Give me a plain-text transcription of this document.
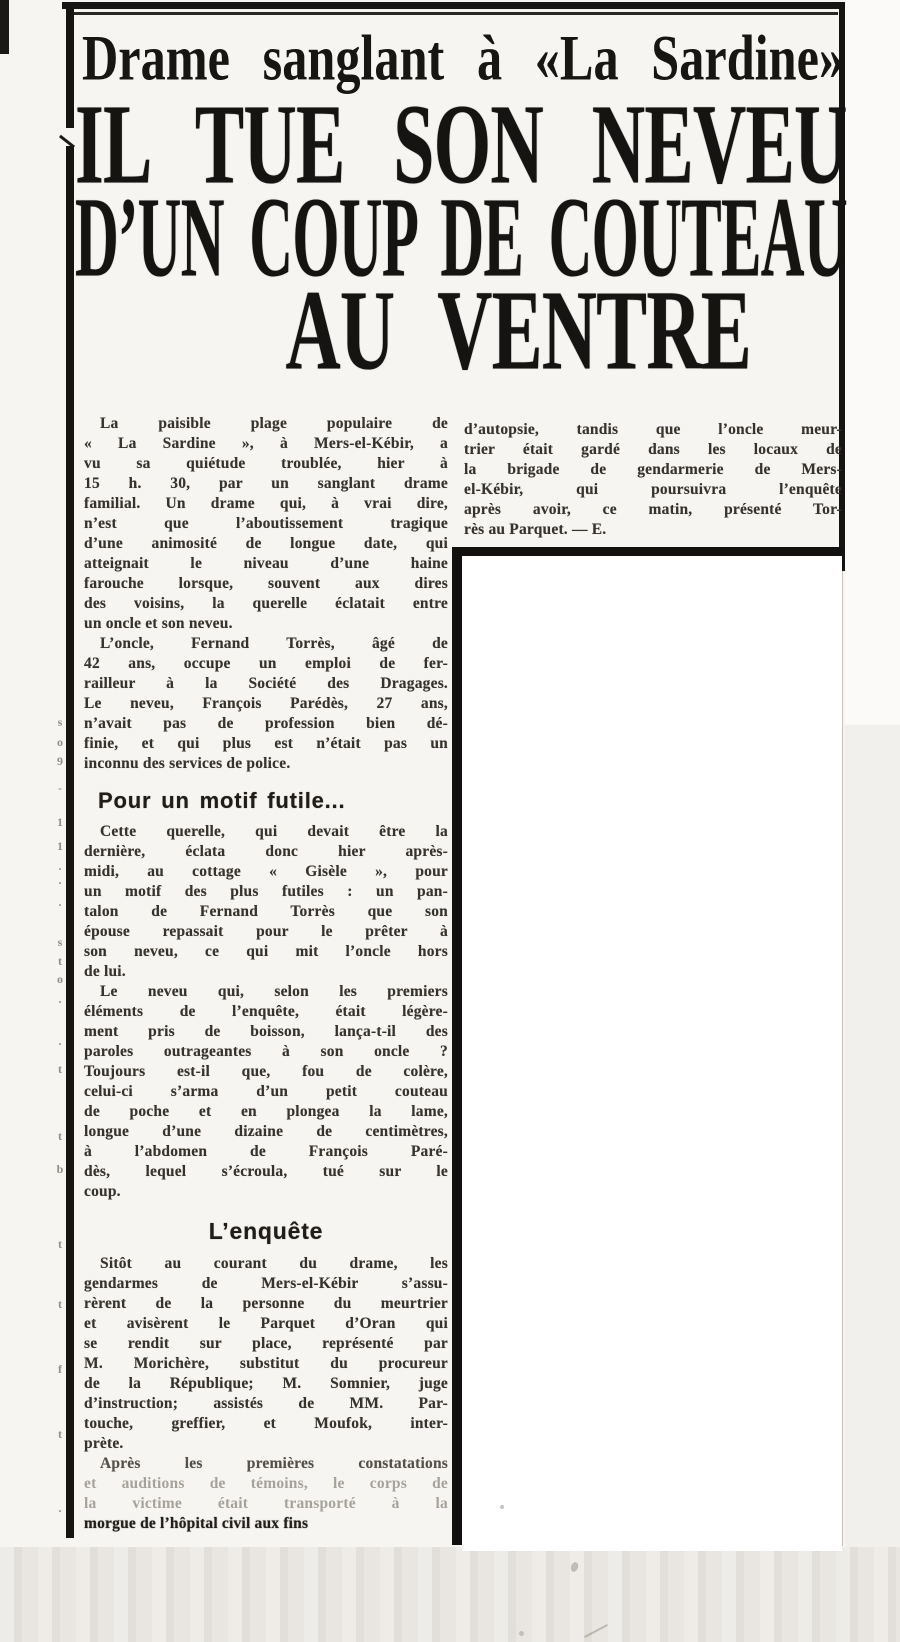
s
o
9
-
1
1
·
·
·
s
t
o
·
·
t
t
b
t
t
f
t
·
Drame sanglant à «La Sardine»
IL TUE SON NEVEU
D’UN COUP DE COUTEAU
AU VENTRE
La paisible plage populaire de
« La Sardine », à Mers-el-Kébir, a
vu sa quiétude troublée, hier à
15 h. 30, par un sanglant drame
familial. Un drame qui, à vrai dire,
n’est que l’aboutissement tragique
d’une animosité de longue date, qui
atteignait le niveau d’une haine
farouche lorsque, souvent aux dires
des voisins, la querelle éclatait entre
un oncle et son neveu.
L’oncle, Fernand Torrès, âgé de
42 ans, occupe un emploi de fer-
railleur à la Société des Dragages.
Le neveu, François Parédès, 27 ans,
n’avait pas de profession bien dé-
finie, et qui plus est n’était pas un
inconnu des services de police.
Pour un motif futile...
Cette querelle, qui devait être la
dernière, éclata donc hier après-
midi, au cottage « Gisèle », pour
un motif des plus futiles : un pan-
talon de Fernand Torrès que son
épouse repassait pour le prêter à
son neveu, ce qui mit l’oncle hors
de lui.
Le neveu qui, selon les premiers
éléments de l’enquête, était légère-
ment pris de boisson, lança-t-il des
paroles outrageantes à son oncle ?
Toujours est-il que, fou de colère,
celui-ci s’arma d’un petit couteau
de poche et en plongea la lame,
longue d’une dizaine de centimètres,
à l’abdomen de François Paré-
dès, lequel s’écroula, tué sur le
coup.
L’enquête
Sitôt au courant du drame, les
gendarmes de Mers-el-Kébir s’assu-
rèrent de la personne du meurtrier
et avisèrent le Parquet d’Oran qui
se rendit sur place, représenté par
M. Morichère, substitut du procureur
de la République; M. Somnier, juge
d’instruction; assistés de MM. Par-
touche, greffier, et Moufok, inter-
prète.
Après les premières constatations
et auditions de témoins, le corps de
la victime était transporté à la
morgue de l’hôpital civil aux fins
d’autopsie, tandis que l’oncle meur-
trier était gardé dans les locaux de
la brigade de gendarmerie de Mers-
el-Kébir, qui poursuivra l’enquête
après avoir, ce matin, présenté Tor-
rès au Parquet. — E.
